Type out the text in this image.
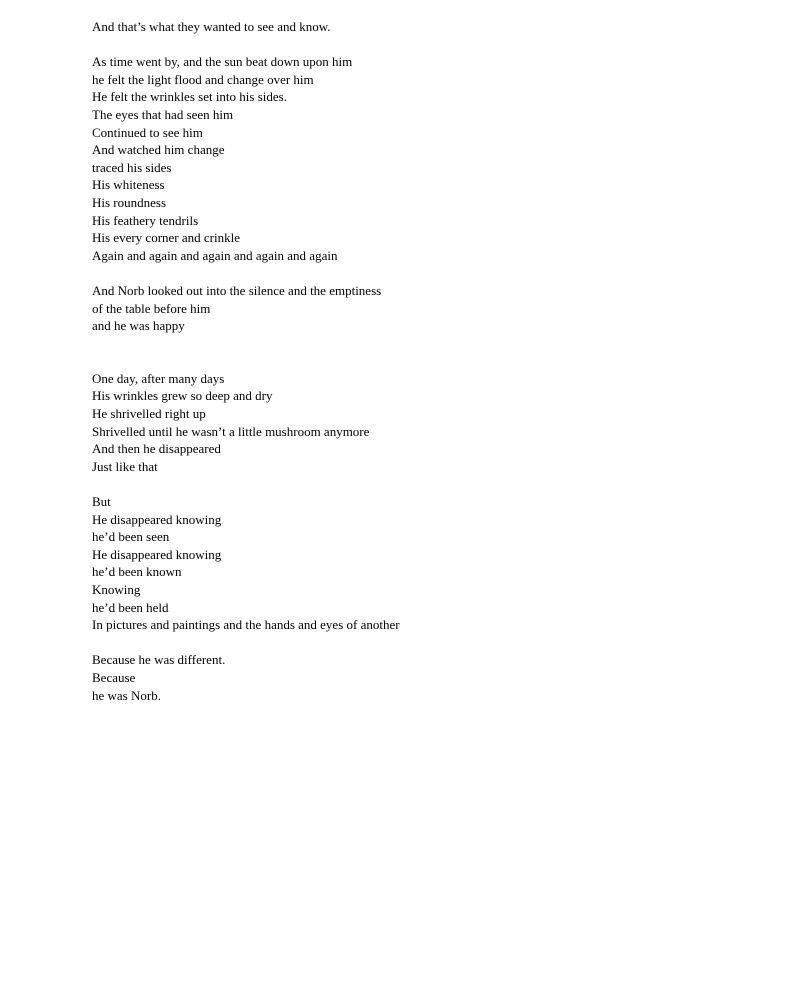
And that’s what they wanted to see and know.
As time went by, and the sun beat down upon him
he felt the light flood and change over him
He felt the wrinkles set into his sides.
The eyes that had seen him
Continued to see him
And watched him change
traced his sides
His whiteness
His roundness
His feathery tendrils
His every corner and crinkle
Again and again and again and again and again
And Norb looked out into the silence and the emptiness
of the table before him
and he was happy
One day, after many days
His wrinkles grew so deep and dry
He shrivelled right up
Shrivelled until he wasn’t a little mushroom anymore
And then he disappeared
Just like that
But
He disappeared knowing
he’d been seen
He disappeared knowing
he’d been known
Knowing
he’d been held
In pictures and paintings and the hands and eyes of another
Because he was different.
Because
he was Norb.
